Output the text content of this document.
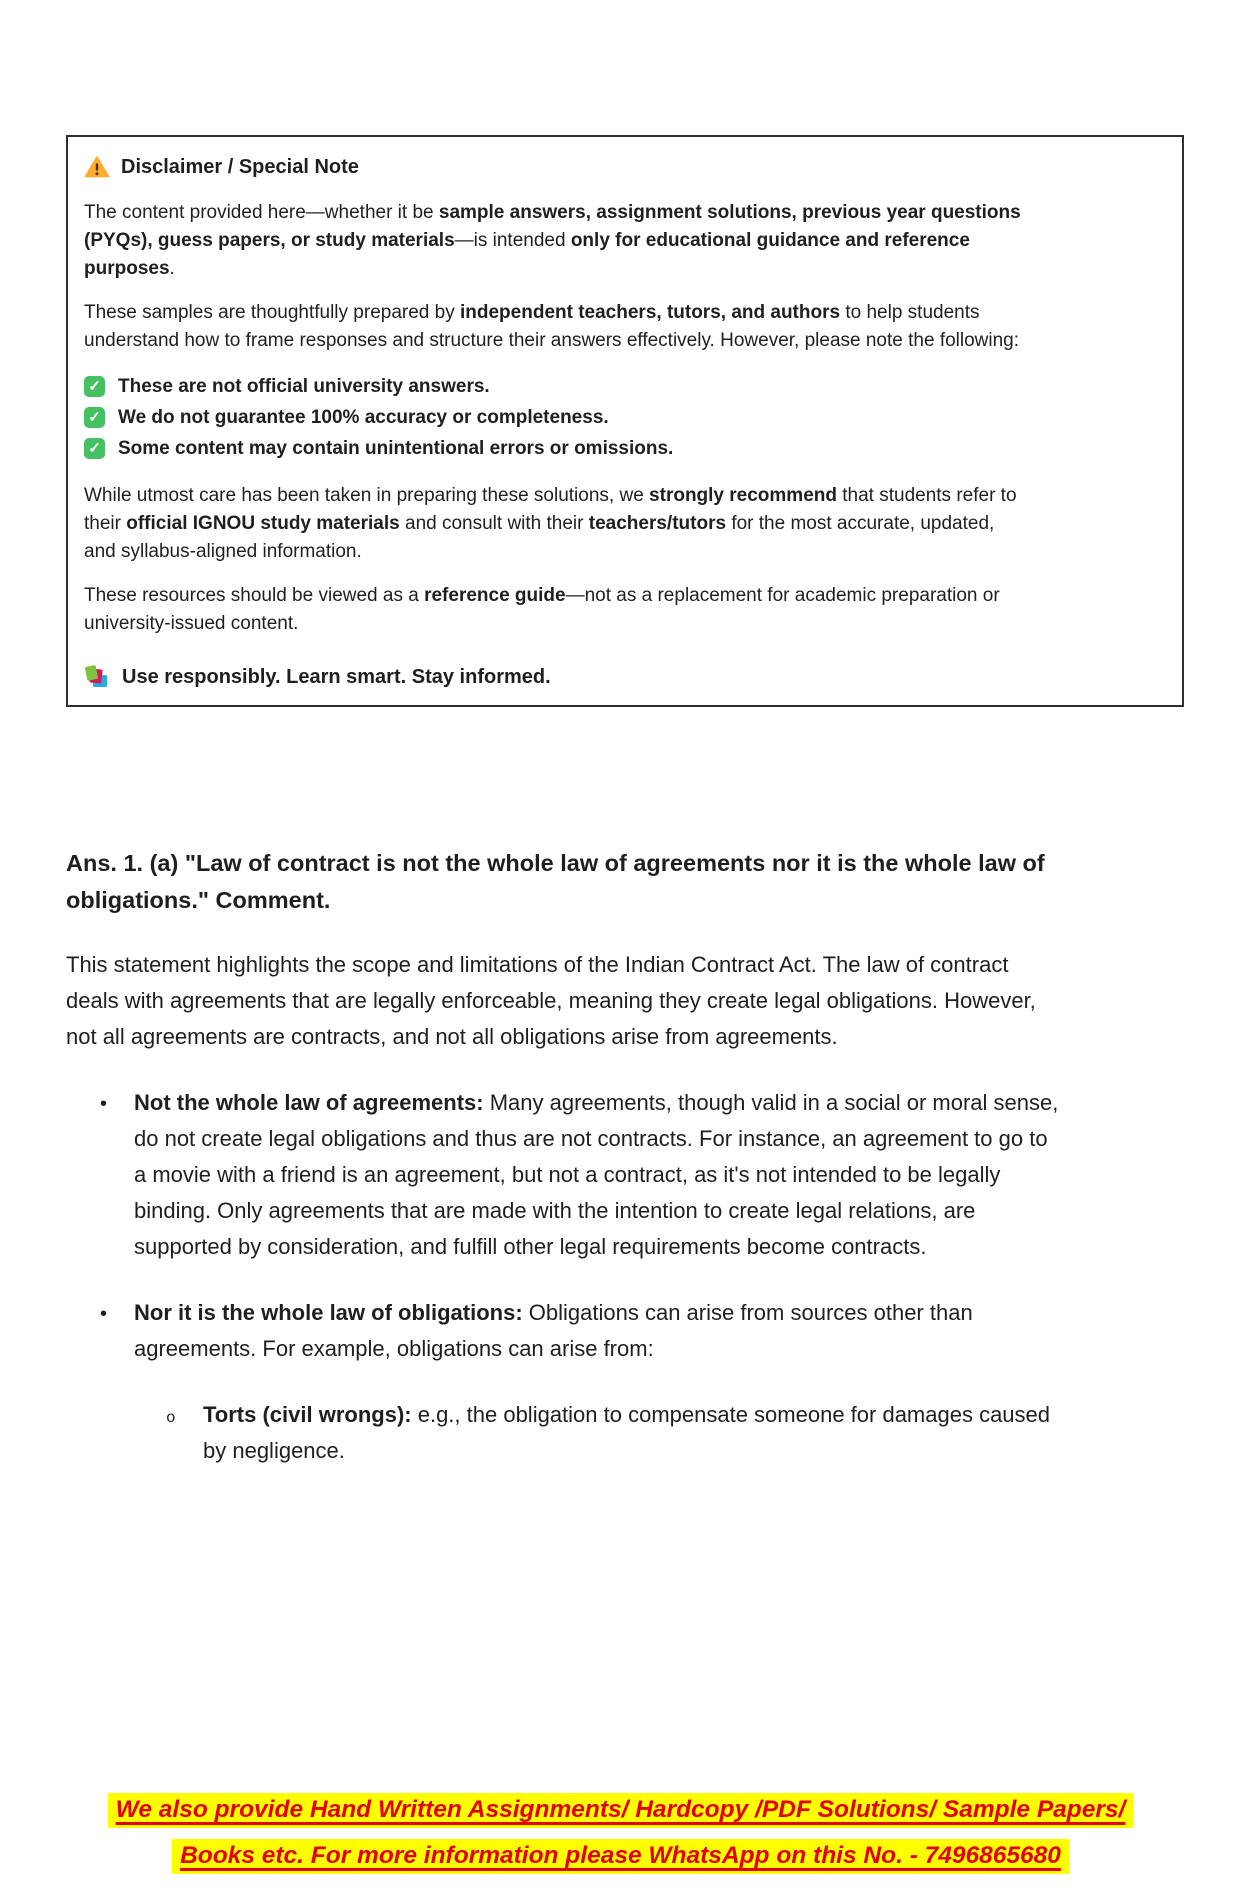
Disclaimer / Special Note

The content provided here—whether it be sample answers, assignment solutions, previous year questions (PYQs), guess papers, or study materials—is intended only for educational guidance and reference purposes.

These samples are thoughtfully prepared by independent teachers, tutors, and authors to help students understand how to frame responses and structure their answers effectively. However, please note the following:

✓ These are not official university answers.
✓ We do not guarantee 100% accuracy or completeness.
✓ Some content may contain unintentional errors or omissions.

While utmost care has been taken in preparing these solutions, we strongly recommend that students refer to their official IGNOU study materials and consult with their teachers/tutors for the most accurate, updated, and syllabus-aligned information.

These resources should be viewed as a reference guide—not as a replacement for academic preparation or university-issued content.

Use responsibly. Learn smart. Stay informed.
Ans. 1. (a) "Law of contract is not the whole law of agreements nor it is the whole law of obligations." Comment.

This statement highlights the scope and limitations of the Indian Contract Act. The law of contract deals with agreements that are legally enforceable, meaning they create legal obligations. However, not all agreements are contracts, and not all obligations arise from agreements.

•	Not the whole law of agreements: Many agreements, though valid in a social or moral sense, do not create legal obligations and thus are not contracts. For instance, an agreement to go to a movie with a friend is an agreement, but not a contract, as it's not intended to be legally binding. Only agreements that are made with the intention to create legal relations, are supported by consideration, and fulfill other legal requirements become contracts.
•	Nor it is the whole law of obligations: Obligations can arise from sources other than agreements. For example, obligations can arise from:
o	Torts (civil wrongs): e.g., the obligation to compensate someone for damages caused by negligence.
We also provide Hand Written Assignments/ Hardcopy /PDF Solutions/ Sample Papers/
Books etc. For more information please WhatsApp on this No. - 7496865680
